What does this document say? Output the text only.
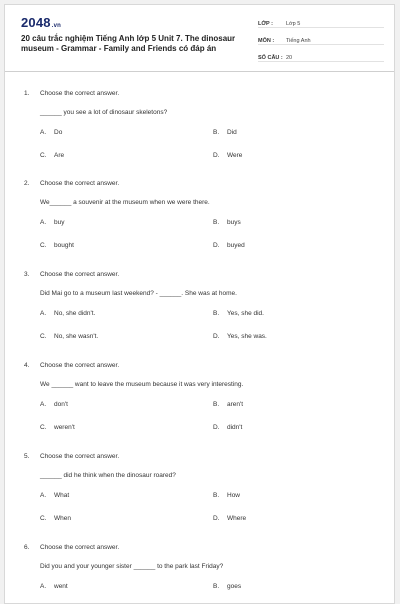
2048.vn
20 câu trắc nghiệm Tiếng Anh lớp 5 Unit 7. The dinosaur museum - Grammar - Family and Friends có đáp án
LỚP :	Lớp 5
MÔN :	Tiếng Anh
SỐ CÂU : 20
1.	Choose the correct answer.
______ you see a lot of dinosaur skeletons?
A.	Do	B.	Did
C.	Are	D.	Were
2.	Choose the correct answer.
We______ a souvenir at the museum when we were there.
A.	buy	B.	buys
C.	bought	D.	buyed
3.	Choose the correct answer.
Did Mai go to a museum last weekend? - ______. She was at home.
A.	No, she didn't.	B.	Yes, she did.
C.	No, she wasn't.	D.	Yes, she was.
4.	Choose the correct answer.
We ______ want to leave the museum because it was very interesting.
A.	don't	B.	aren't
C.	weren't	D.	didn't
5.	Choose the correct answer.
______ did he think when the dinosaur roared?
A.	What	B.	How
C.	When	D.	Where
6.	Choose the correct answer.
Did you and your younger sister ______ to the park last Friday?
A.	went	B.	goes
